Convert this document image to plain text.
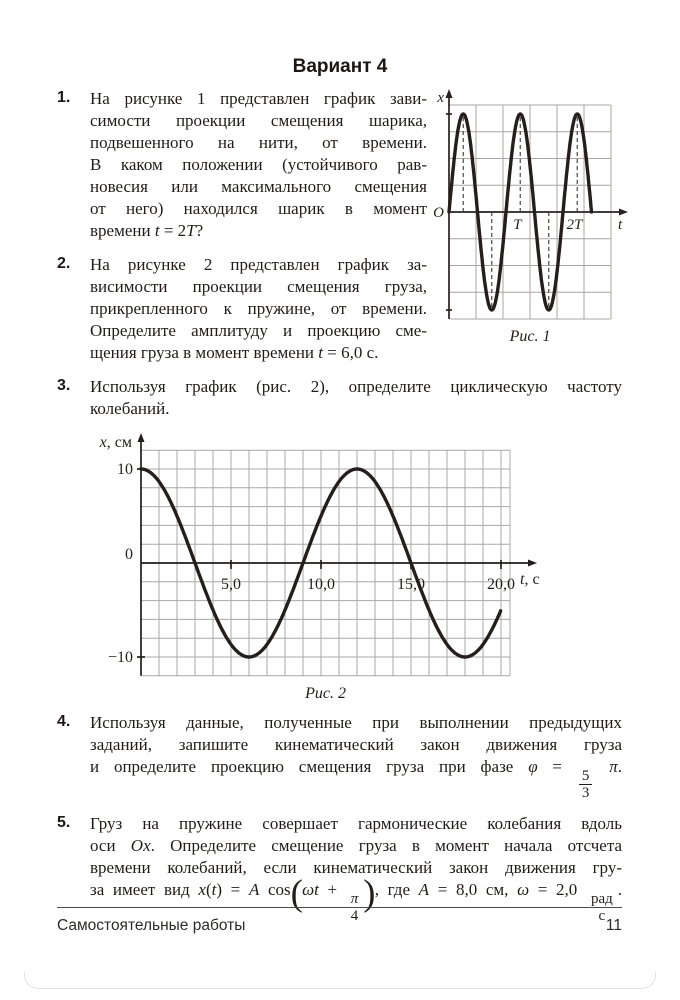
Вариант 4
x
O
T	2T t
Рис. 1
1.	На рисунке 1 представлен график зави-
симости проекции смещения шарика,
подвешенного на нити, от времени.
В каком положении (устойчивого рав-
новесия или максимального смещения
от него) находился шарик в момент
времени t = 2T?
2.	На рисунке 2 представлен график за-
висимости проекции смещения груза,
прикрепленного к пружине, от времени.
Определите амплитуду и проекцию сме-
щения груза в момент времени t = 6,0 с.
3.	Используя график (рис. 2), определите циклическую частоту
колебаний.
5,0	10,0	15,0	20,0
10
0
−10
x, см
t, с
Рис. 2
4.	Используя данные, полученные при выполнении предыдущих
заданий, запишите кинематический закон движения груза
и определите проекцию смещения груза при фазе φ =
$\frac{5}{3}$
π.
5.	Груз на пружине совершает гармонические колебания вдоль
оси Ox. Определите смещение груза в момент начала отсчета
времени колебаний, если кинематический закон движения гру-
за имеет вид x(t) = A cos(ωt +
$\frac{\pi}{4}$ ), где A = 8,0 см, ω = 2,0
$\frac{\text{рад}}{с}$
.
Самостоятельные работы	11
